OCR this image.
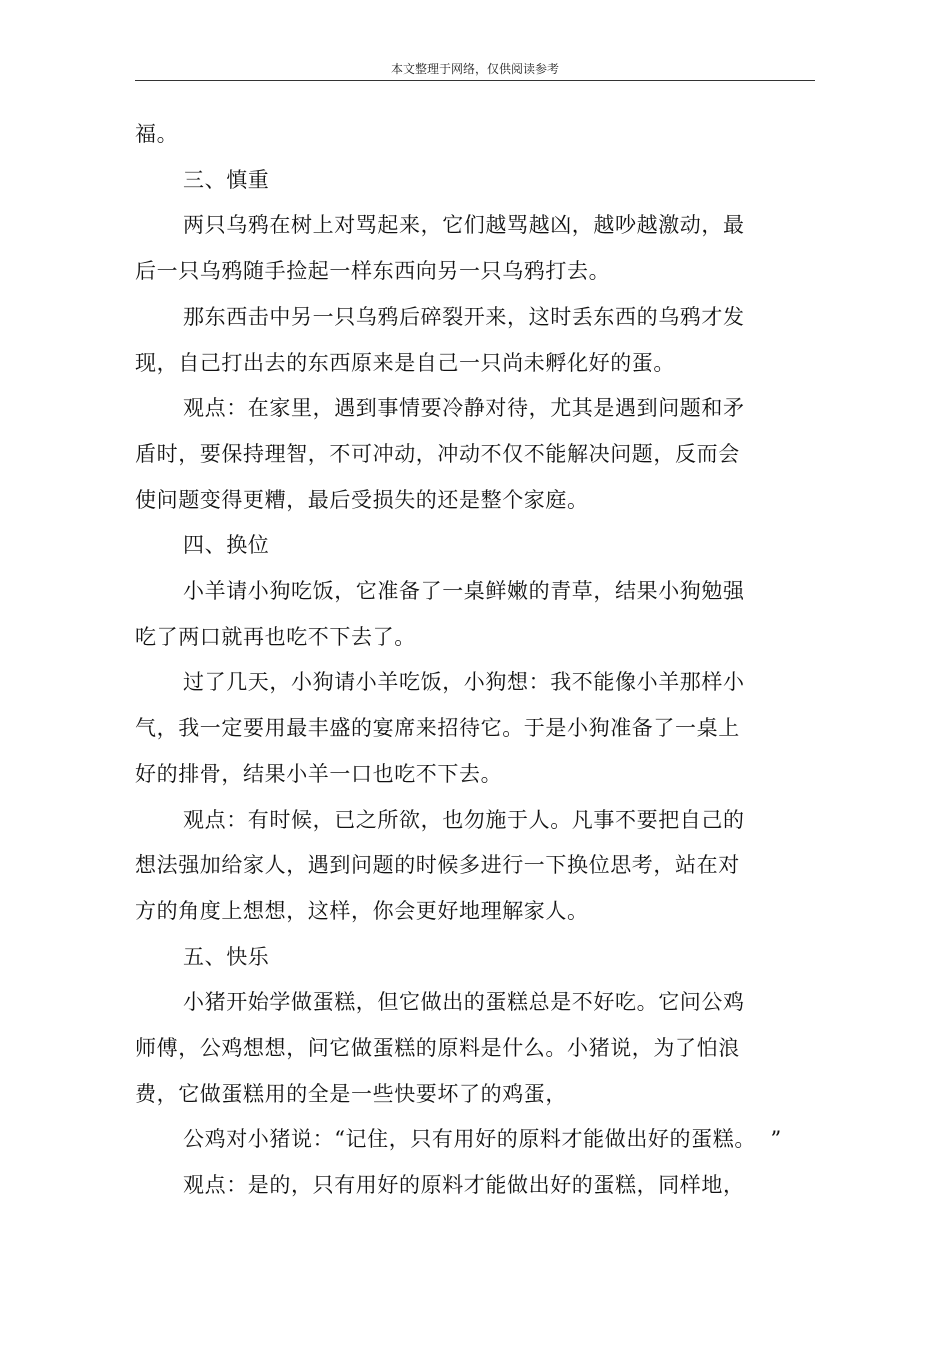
本文整理于网络，仅供阅读参考

福。

三、慎重

两只乌鸦在树上对骂起来，它们越骂越凶，越吵越激动，最

后一只乌鸦随手捡起一样东西向另一只乌鸦打去。

那东西击中另一只乌鸦后碎裂开来，这时丢东西的乌鸦才发

现，自己打出去的东西原来是自己一只尚未孵化好的蛋。

观点：在家里，遇到事情要冷静对待，尤其是遇到问题和矛

盾时，要保持理智，不可冲动，冲动不仅不能解决问题，反而会

使问题变得更糟，最后受损失的还是整个家庭。

四、换位

小羊请小狗吃饭，它准备了一桌鲜嫩的青草，结果小狗勉强

吃了两口就再也吃不下去了。

过了几天，小狗请小羊吃饭，小狗想：我不能像小羊那样小

气，我一定要用最丰盛的宴席来招待它。于是小狗准备了一桌上

好的排骨，结果小羊一口也吃不下去。

观点：有时候，已之所欲，也勿施于人。凡事不要把自己的

想法强加给家人，遇到问题的时候多进行一下换位思考，站在对

方的角度上想想，这样，你会更好地理解家人。

五、快乐

小猪开始学做蛋糕，但它做出的蛋糕总是不好吃。它问公鸡

师傅，公鸡想想，问它做蛋糕的原料是什么。小猪说，为了怕浪

费，它做蛋糕用的全是一些快要坏了的鸡蛋，

公鸡对小猪说：“记住，只有用好的原料才能做出好的蛋糕。  ”

观点：是的，只有用好的原料才能做出好的蛋糕，同样地，
